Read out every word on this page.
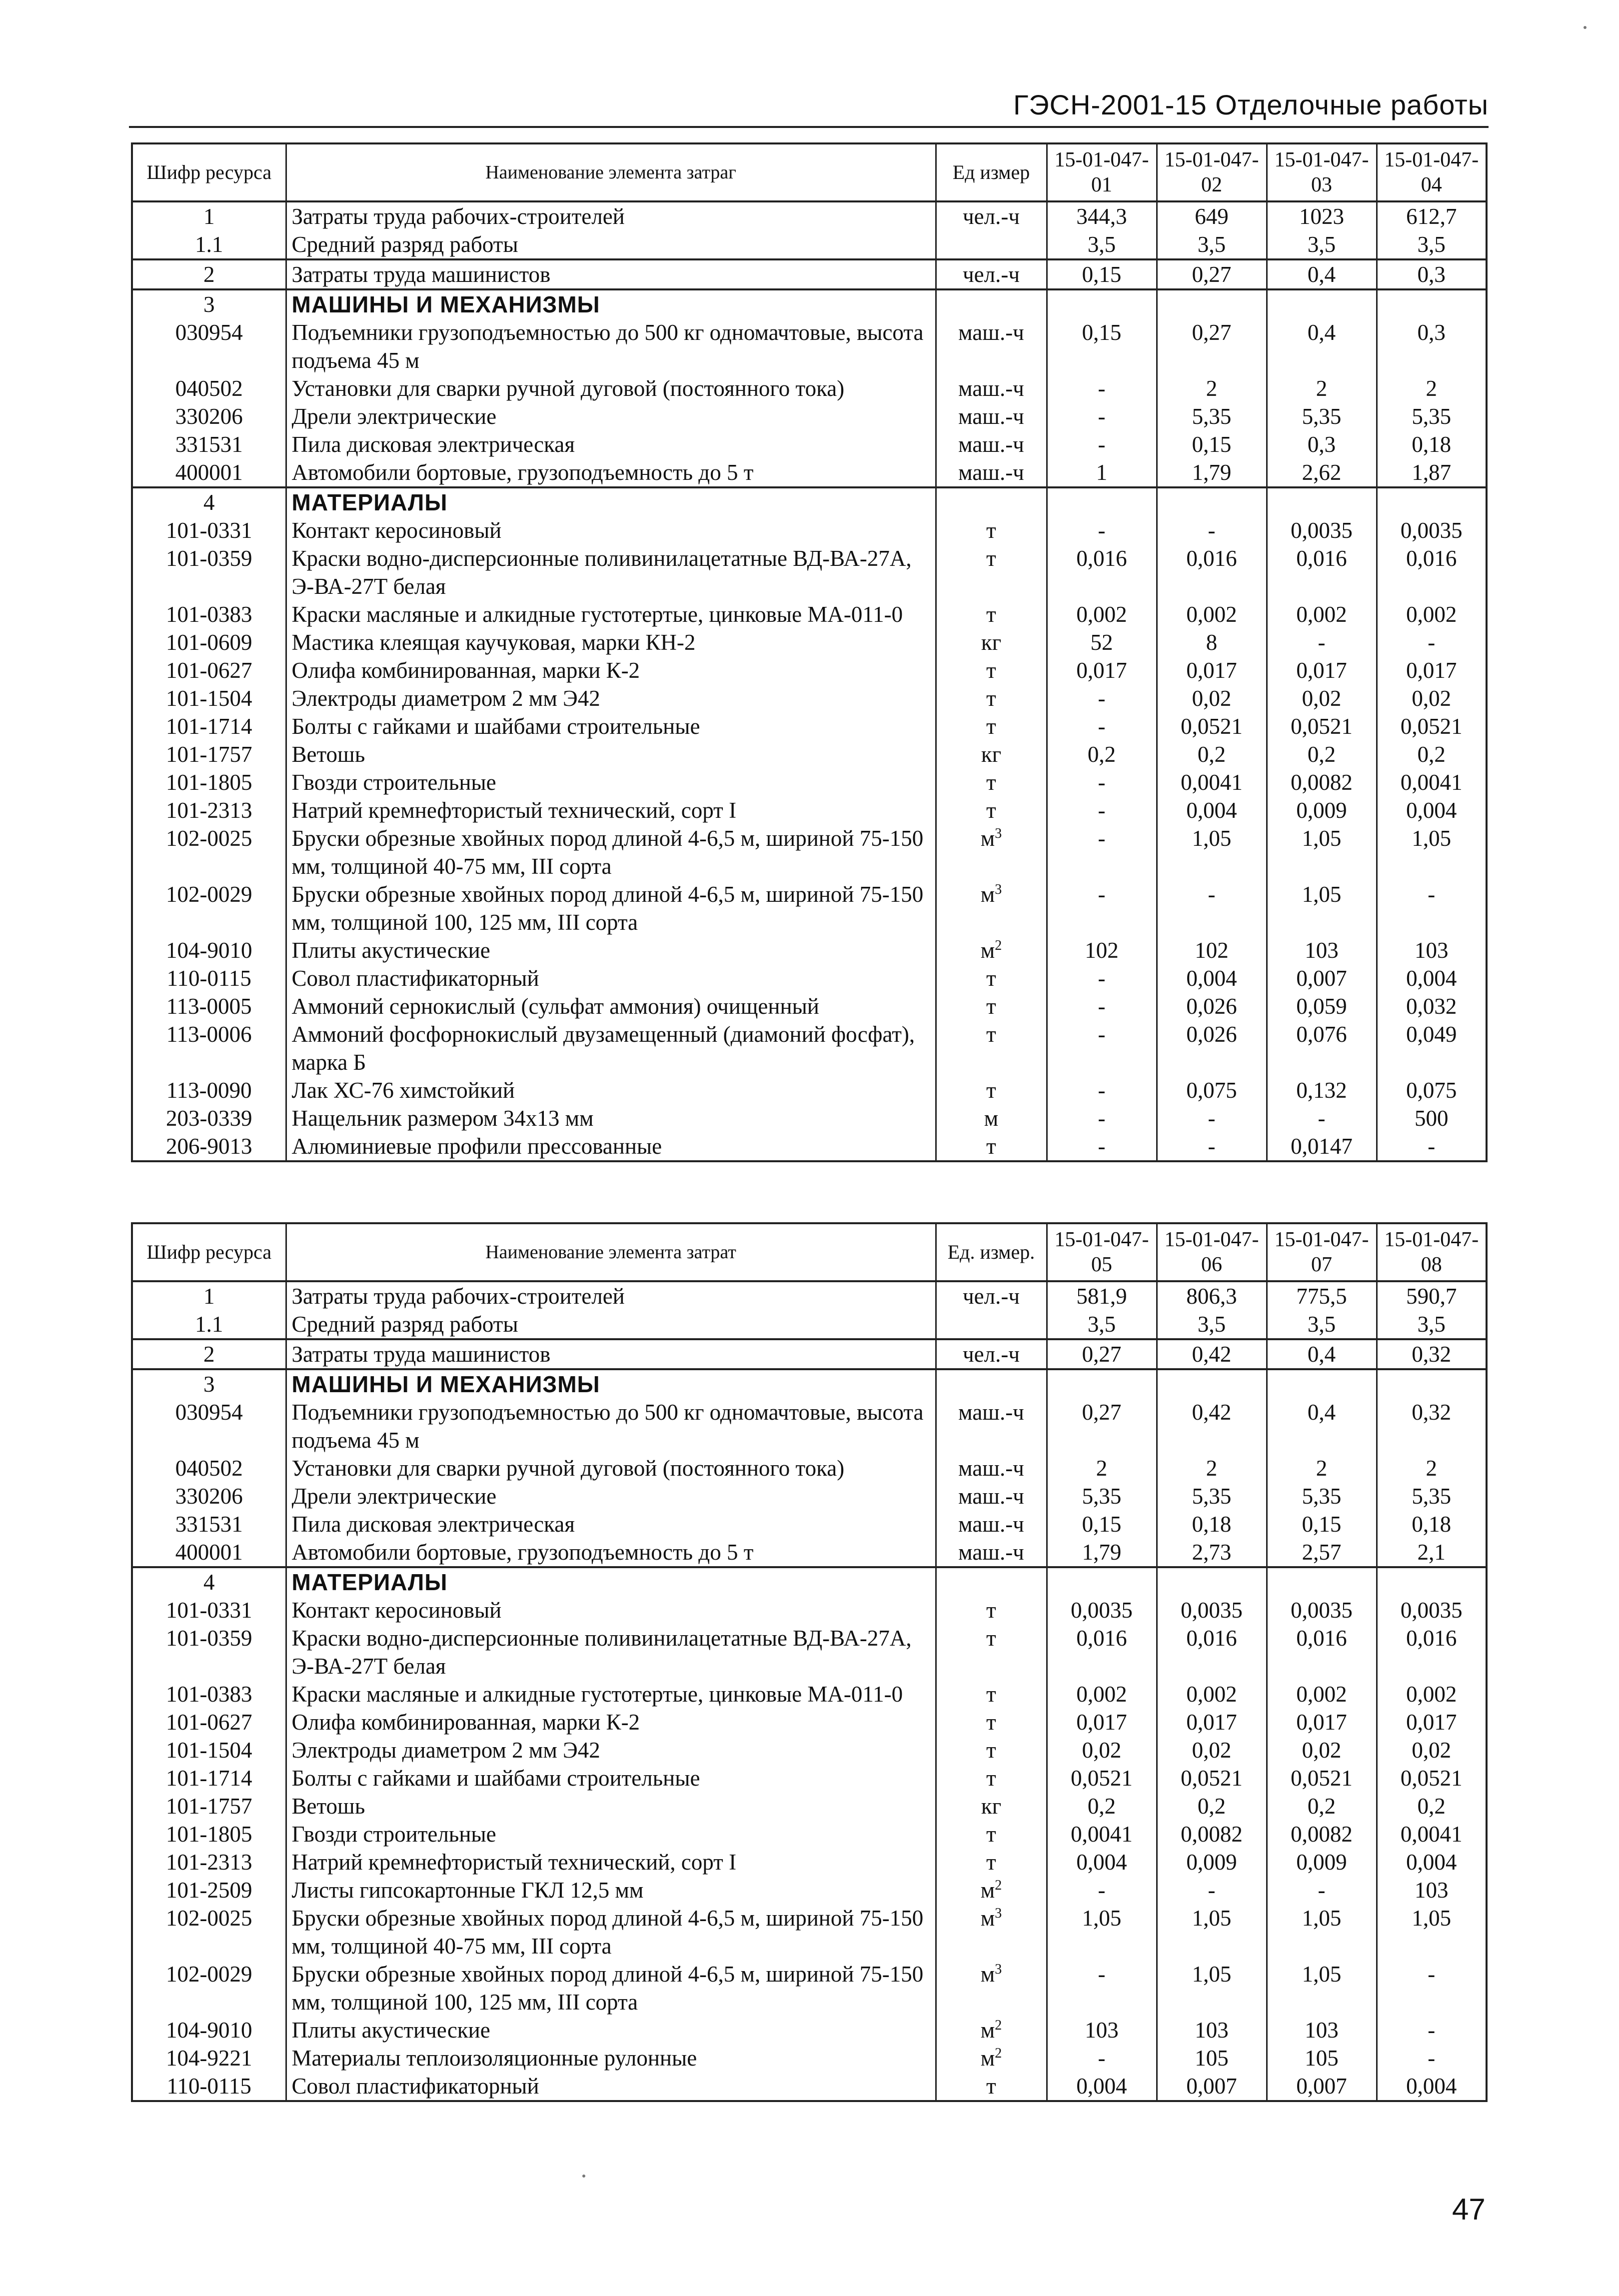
ГЭСН-2001-15 Отделочные работы
Шифр ресурса	Наименование элемента затраг	Ед измер	15-01-047-01	15-01-047-02	15-01-047-03	15-01-047-04
1	Затраты труда рабочих-строителей	чел.-ч	344,3	649	1023	612,7
1.1	Средний разряд работы		3,5	3,5	3,5	3,5
2	Затраты труда машинистов	чел.-ч	0,15	0,27	0,4	0,3
3	МАШИНЫ И МЕХАНИЗМЫ					
030954	Подъемники грузоподъемностью до 500 кг одномачтовые, высота подъема 45 м	маш.-ч	0,15	0,27	0,4	0,3
040502	Установки для сварки ручной дуговой (постоянного тока)	маш.-ч	-	2	2	2
330206	Дрели электрические	маш.-ч	-	5,35	5,35	5,35
331531	Пила дисковая электрическая	маш.-ч	-	0,15	0,3	0,18
400001	Автомобили бортовые, грузоподъемность до 5 т	маш.-ч	1	1,79	2,62	1,87
4	МАТЕРИАЛЫ					
101-0331	Контакт керосиновый	т	-	-	0,0035	0,0035
101-0359	Краски водно-дисперсионные поливинилацетатные ВД-ВА-27А, Э-ВА-27Т белая	т	0,016	0,016	0,016	0,016
101-0383	Краски масляные и алкидные густотертые, цинковые МА-011-0	т	0,002	0,002	0,002	0,002
101-0609	Мастика клеящая каучуковая, марки КН-2	кг	52	8	-	-
101-0627	Олифа комбинированная, марки К-2	т	0,017	0,017	0,017	0,017
101-1504	Электроды диаметром 2 мм Э42	т	-	0,02	0,02	0,02
101-1714	Болты с гайками и шайбами строительные	т	-	0,0521	0,0521	0,0521
101-1757	Ветошь	кг	0,2	0,2	0,2	0,2
101-1805	Гвозди строительные	т	-	0,0041	0,0082	0,0041
101-2313	Натрий кремнефтористый технический, сорт I	т	-	0,004	0,009	0,004
102-0025	Бруски обрезные хвойных пород длиной 4-6,5 м, шириной 75-150 мм, толщиной 40-75 мм, III сорта	$м^3$	-	1,05	1,05	1,05
102-0029	Бруски обрезные хвойных пород длиной 4-6,5 м, шириной 75-150 мм, толщиной 100, 125 мм, III сорта	$м^3$	-	-	1,05	-
104-9010	Плиты акустические	$м^2$	102	102	103	103
110-0115	Совол пластификаторный	т	-	0,004	0,007	0,004
113-0005	Аммоний сернокислый (сульфат аммония) очищенный	т	-	0,026	0,059	0,032
113-0006	Аммоний фосфорнокислый двузамещенный (диамоний фосфат), марка Б	т	-	0,026	0,076	0,049
113-0090	Лак ХС-76 химстойкий	т	-	0,075	0,132	0,075
203-0339	Нащельник размером 34х13 мм	м	-	-	-	500
206-9013	Алюминиевые профили прессованные	т	-	-	0,0147	-
Шифр ресурса	Наименование элемента затрат	Ед. измер.	15-01-047-05	15-01-047-06	15-01-047-07	15-01-047-08
1	Затраты труда рабочих-строителей	чел.-ч	581,9	806,3	775,5	590,7
1.1	Средний разряд работы		3,5	3,5	3,5	3,5
2	Затраты труда машинистов	чел.-ч	0,27	0,42	0,4	0,32
3	МАШИНЫ И МЕХАНИЗМЫ					
030954	Подъемники грузоподъемностью до 500 кг одномачтовые, высота подъема 45 м	маш.-ч	0,27	0,42	0,4	0,32
040502	Установки для сварки ручной дуговой (постоянного тока)	маш.-ч	2	2	2	2
330206	Дрели электрические	маш.-ч	5,35	5,35	5,35	5,35
331531	Пила дисковая электрическая	маш.-ч	0,15	0,18	0,15	0,18
400001	Автомобили бортовые, грузоподъемность до 5 т	маш.-ч	1,79	2,73	2,57	2,1
4	МАТЕРИАЛЫ					
101-0331	Контакт керосиновый	т	0,0035	0,0035	0,0035	0,0035
101-0359	Краски водно-дисперсионные поливинилацетатные ВД-ВА-27А, Э-ВА-27Т белая	т	0,016	0,016	0,016	0,016
101-0383	Краски масляные и алкидные густотертые, цинковые МА-011-0	т	0,002	0,002	0,002	0,002
101-0627	Олифа комбинированная, марки К-2	т	0,017	0,017	0,017	0,017
101-1504	Электроды диаметром 2 мм Э42	т	0,02	0,02	0,02	0,02
101-1714	Болты с гайками и шайбами строительные	т	0,0521	0,0521	0,0521	0,0521
101-1757	Ветошь	кг	0,2	0,2	0,2	0,2
101-1805	Гвозди строительные	т	0,0041	0,0082	0,0082	0,0041
101-2313	Натрий кремнефтористый технический, сорт I	т	0,004	0,009	0,009	0,004
101-2509	Листы гипсокартонные ГКЛ 12,5 мм	$м^2$	-	-	-	103
102-0025	Бруски обрезные хвойных пород длиной 4-6,5 м, шириной 75-150 мм, толщиной 40-75 мм, III сорта	$м^3$	1,05	1,05	1,05	1,05
102-0029	Бруски обрезные хвойных пород длиной 4-6,5 м, шириной 75-150 мм, толщиной 100, 125 мм, III сорта	$м^3$	-	1,05	1,05	-
104-9010	Плиты акустические	$м^2$	103	103	103	-
104-9221	Материалы теплоизоляционные рулонные	$м^2$	-	105	105	-
110-0115	Совол пластификаторный	т	0,004	0,007	0,007	0,004
47
